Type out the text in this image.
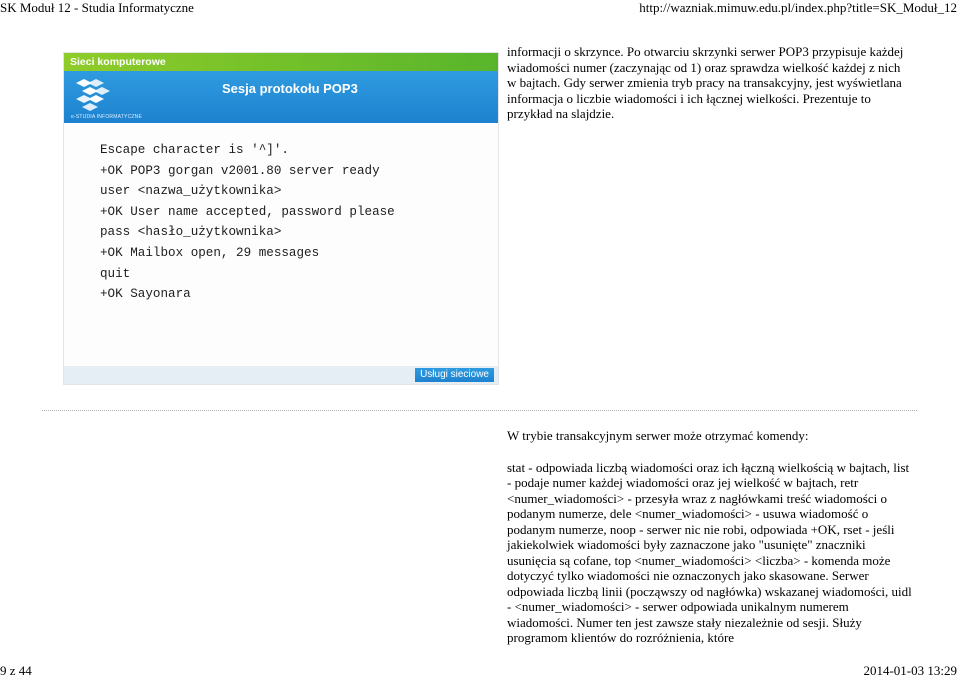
SK Moduł 12 - Studia Informatyczne	http://wazniak.mimuw.edu.pl/index.php?title=SK_Moduł_12
informacji o skrzynce. Po otwarciu skrzynki serwer POP3 przypisuje każdej wiadomości numer (zaczynając od 1) oraz sprawdza wielkość każdej z nich w bajtach. Gdy serwer zmienia tryb pracy na transakcyjny, jest wyświetlana informacja o liczbie wiadomości i ich łącznej wielkości. Prezentuje to przykład na slajdzie.
Sieci komputerowe
e-STUDIA INFORMATYCZNE
Sesja protokołu POP3
Escape character is '^]'.
+OK POP3 gorgan v2001.80 server ready
user <nazwa_użytkownika>
+OK User name accepted, password please
pass <hasło_użytkownika>
+OK Mailbox open, 29 messages
quit
+OK Sayonara
Usługi sieciowe

W trybie transakcyjnym serwer może otrzymać komendy:

stat - odpowiada liczbą wiadomości oraz ich łączną wielkością w bajtach, list - podaje numer każdej wiadomości oraz jej wielkość w bajtach, retr <numer_wiadomości> - przesyła wraz z nagłówkami treść wiadomości o podanym numerze, dele <numer_wiadomości> - usuwa wiadomość o podanym numerze, noop - serwer nic nie robi, odpowiada +OK, rset - jeśli jakiekolwiek wiadomości były zaznaczone jako "usunięte" znaczniki usunięcia są cofane, top <numer_wiadomości> <liczba> - komenda może dotyczyć tylko wiadomości nie oznaczonych jako skasowane. Serwer odpowiada liczbą linii (począwszy od nagłówka) wskazanej wiadomości, uidl - <numer_wiadomości> - serwer odpowiada unikalnym numerem wiadomości. Numer ten jest zawsze stały niezależnie od sesji. Służy programom klientów do rozróżnienia, które

9 z 44	2014-01-03 13:29
